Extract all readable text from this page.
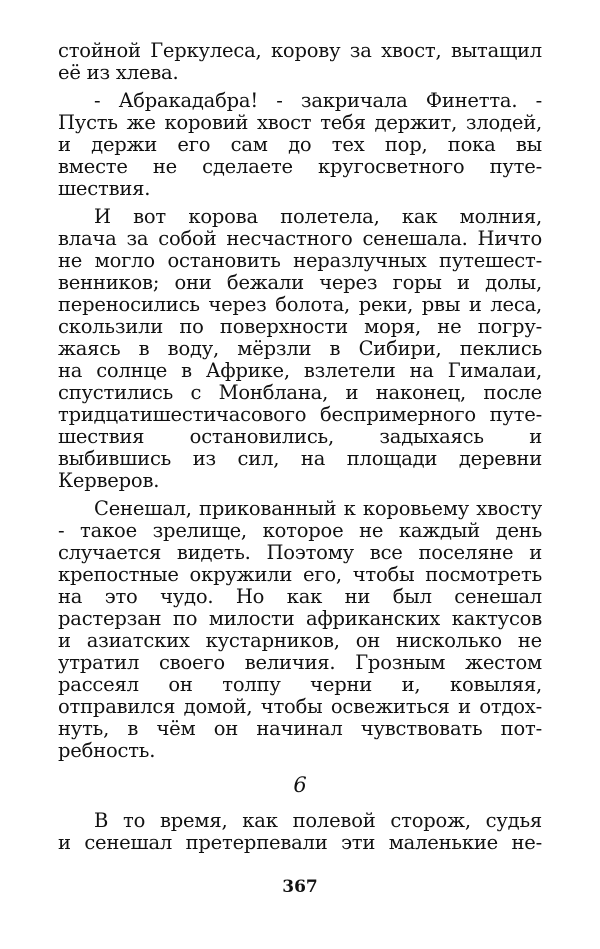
стойной Геркулеса, корову за хвост, вытащил
её из хлева.

- Абракадабра! - закричала Финетта. -
Пусть же коровий хвост тебя держит, злодей,
и держи его сам до тех пор, пока вы
вместе не сделаете кругосветного путе-
шествия.

И вот корова полетела, как молния,
влача за собой несчастного сенешала. Ничто
не могло остановить неразлучных путешест-
венников; они бежали через горы и долы,
переносились через болота, реки, рвы и леса,
скользили по поверхности моря, не погру-
жаясь в воду, мёрзли в Сибири, пеклись
на солнце в Африке, взлетели на Гималаи,
спустились с Монблана, и наконец, после
тридцатишестичасового беспримерного путе-
шествия остановились, задыхаясь и
выбившись из сил, на площади деревни
Керверов.

Сенешал, прикованный к коровьему хвосту
- такое зрелище, которое не каждый день
случается видеть. Поэтому все поселяне и
крепостные окружили его, чтобы посмотреть
на это чудо. Но как ни был сенешал
растерзан по милости африканских кактусов
и азиатских кустарников, он нисколько не
утратил своего величия. Грозным жестом
рассеял он толпу черни и, ковыляя,
отправился домой, чтобы освежиться и отдох-
нуть, в чём он начинал чувствовать пот-
ребность.

6

В то время, как полевой сторож, судья
и сенешал претерпевали эти маленькие не-

367
